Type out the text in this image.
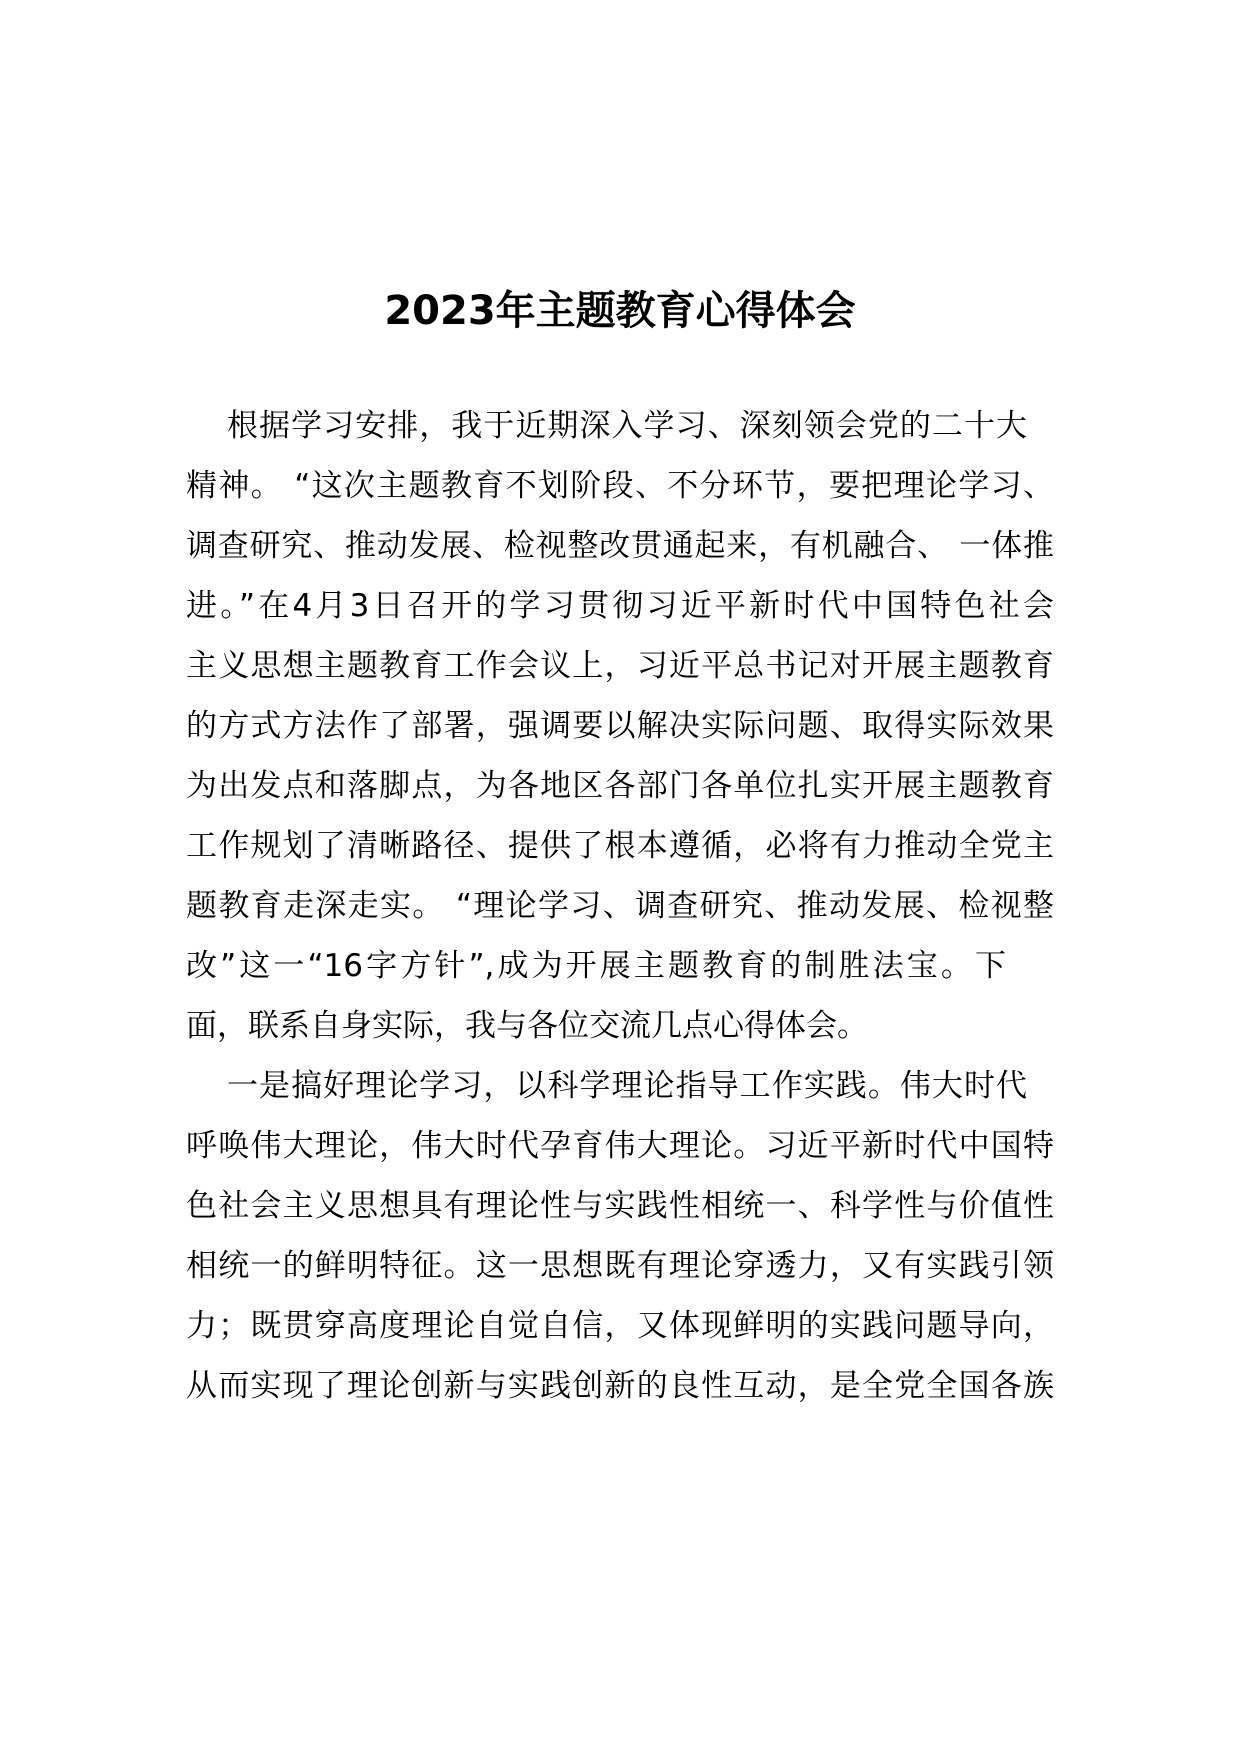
2023年主题教育心得体会
根据学习安排，我于近期深入学习、深刻领会党的二十大
精神。 “这次主题教育不划阶段、不分环节，要把理论学习、
调查研究、推动发展、检视整改贯通起来，有机融合、 一体推
进。”在4月3日召开的学习贯彻习近平新时代中国特色社会
主义思想主题教育工作会议上，习近平总书记对开展主题教育
的方式方法作了部署，强调要以解决实际问题、取得实际效果
为出发点和落脚点，为各地区各部门各单位扎实开展主题教育
工作规划了清晰路径、提供了根本遵循，必将有力推动全党主
题教育走深走实。 “理论学习、调查研究、推动发展、检视整
改”这一“16字方针”,成为开展主题教育的制胜法宝。下
面，联系自身实际，我与各位交流几点心得体会。
一是搞好理论学习，以科学理论指导工作实践。伟大时代
呼唤伟大理论，伟大时代孕育伟大理论。习近平新时代中国特
色社会主义思想具有理论性与实践性相统一、科学性与价值性
相统一的鲜明特征。这一思想既有理论穿透力，又有实践引领
力；既贯穿高度理论自觉自信，又体现鲜明的实践问题导向，
从而实现了理论创新与实践创新的良性互动，是全党全国各族
